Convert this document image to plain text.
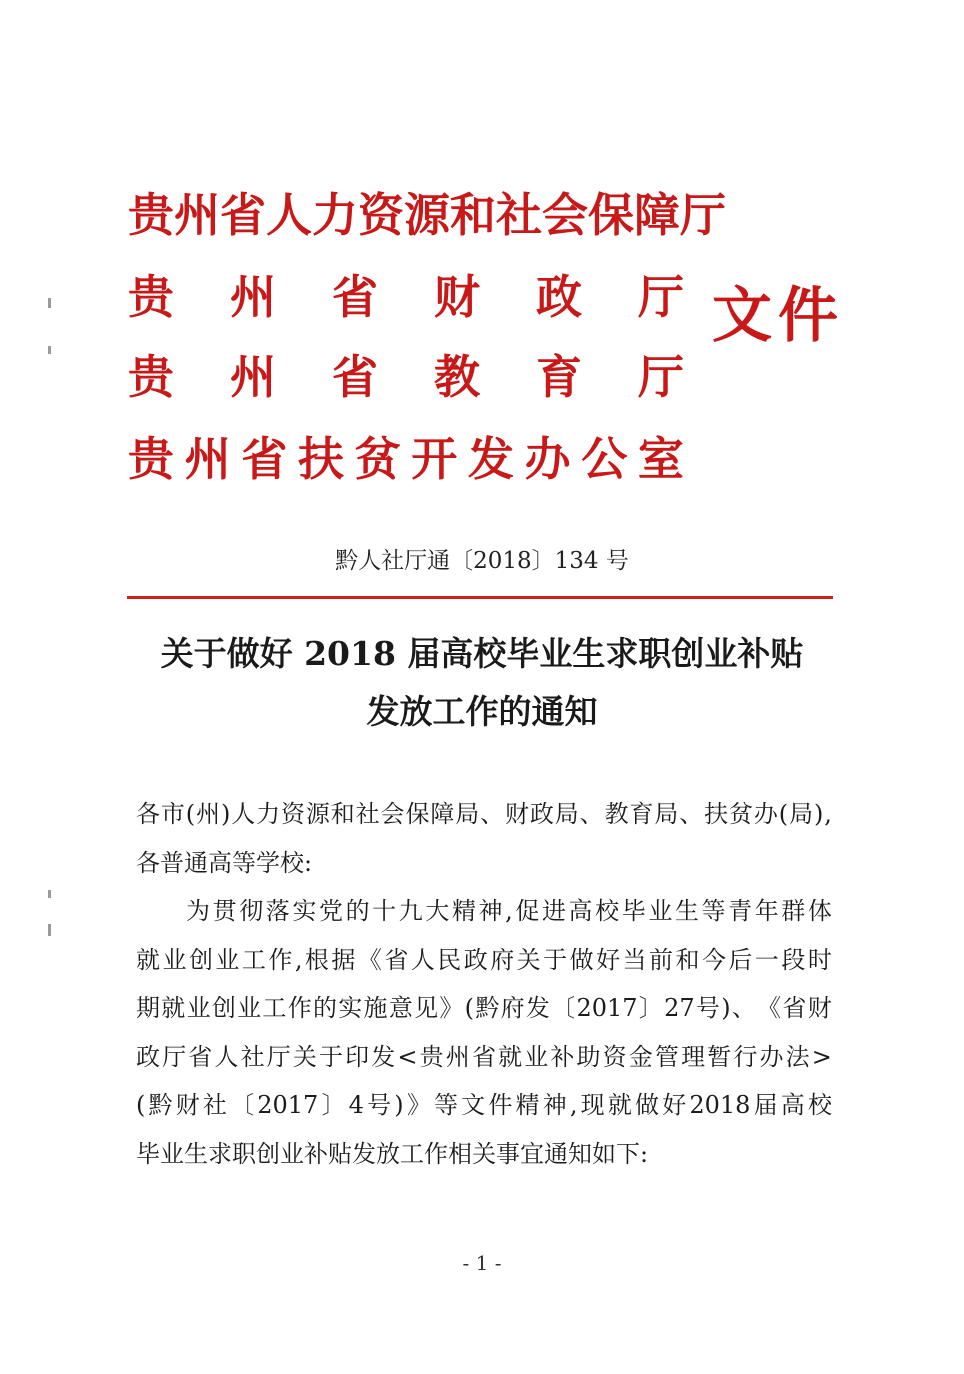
贵州省人力资源和社会保障厅
贵 州 省 财 政 厅
贵 州 省 教 育 厅
贵 州 省 扶 贫 开 发 办 公 室
文件
黔人社厅通〔2018〕134 号
关于做好 2018 届高校毕业生求职创业补贴
发放工作的通知
各 市 ( 州 ) 人 力 资 源 和 社 会 保 障 局 、 财 政 局 、 教 育 局 、 扶 贫 办 ( 局 ) ,
各普通高等学校:
为 贯 彻 落 实 党 的 十 九 大 精 神 , 促 进 高 校 毕 业 生 等 青 年 群 体
就 业 创 业 工 作 , 根 据 《 省 人 民 政 府 关 于 做 好 当 前 和 今 后 一 段 时
期 就 业 创 业 工 作 的 实 施 意 见 》 ( 黔 府 发 〔 2017 〕 27 号 ) 、 《 省 财
政 厅 省 人 社 厅 关 于 印 发 < 贵 州 省 就 业 补 助 资 金 管 理 暂 行 办 法 >
( 黔 财 社 〔 2017 〕 4 号 ) 》 等 文 件 精 神 , 现 就 做 好 2018 届 高 校
毕业生求职创业补贴发放工作相关事宜通知如下:
- 1 -
